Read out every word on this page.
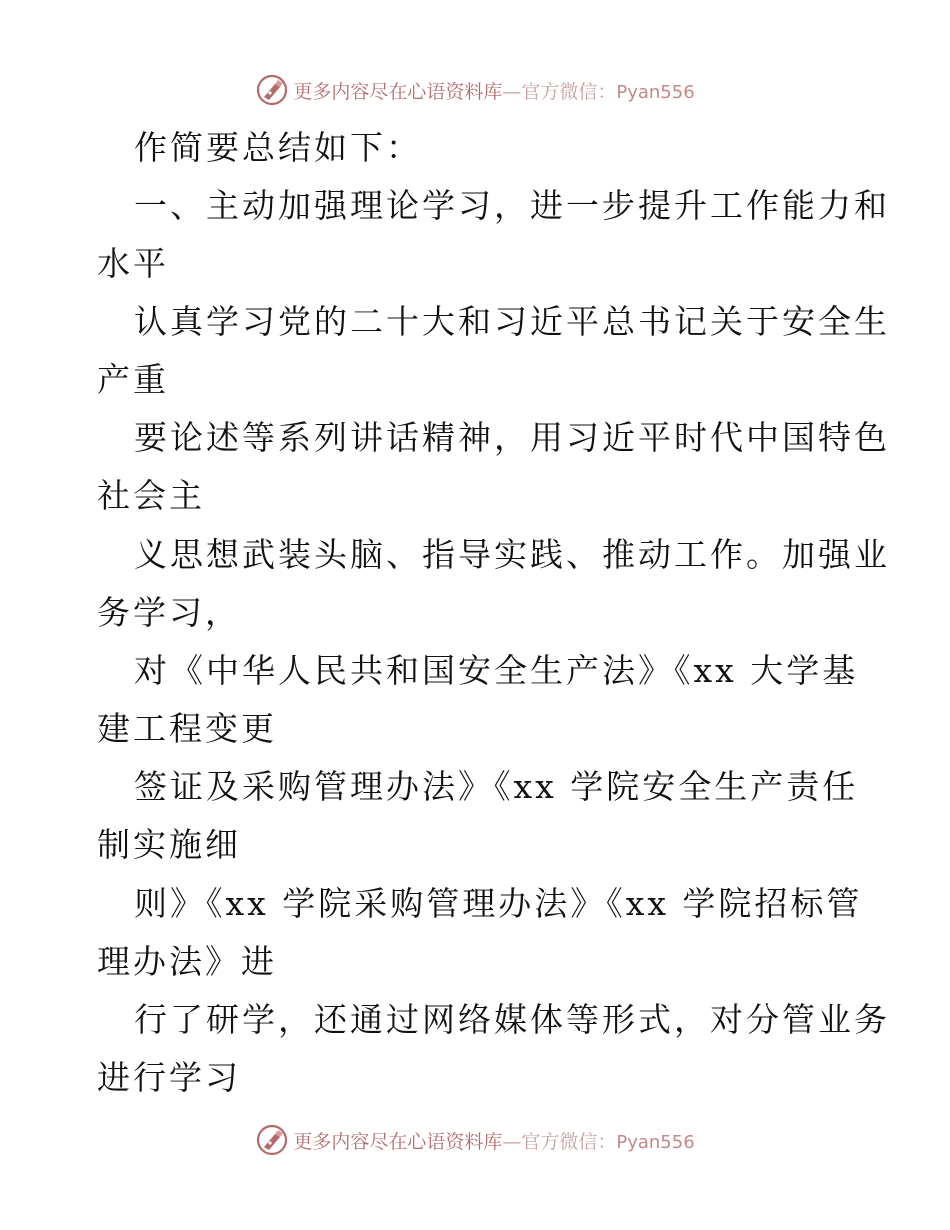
更多内容尽在心语资料库—官方微信：Pyan556
作简要总结如下：
一、主动加强理论学习，进一步提升工作能力和
水平
认真学习党的二十大和习近平总书记关于安全生
产重
要论述等系列讲话精神，用习近平时代中国特色
社会主
义思想武装头脑、指导实践、推动工作。加强业
务学习，
对《中华人民共和国安全生产法》《xx 大学基
建工程变更
签证及采购管理办法》《xx 学院安全生产责任
制实施细
则》《xx 学院采购管理办法》《xx 学院招标管
理办法》进
行了研学，还通过网络媒体等形式，对分管业务
进行学习
更多内容尽在心语资料库—官方微信：Pyan556
